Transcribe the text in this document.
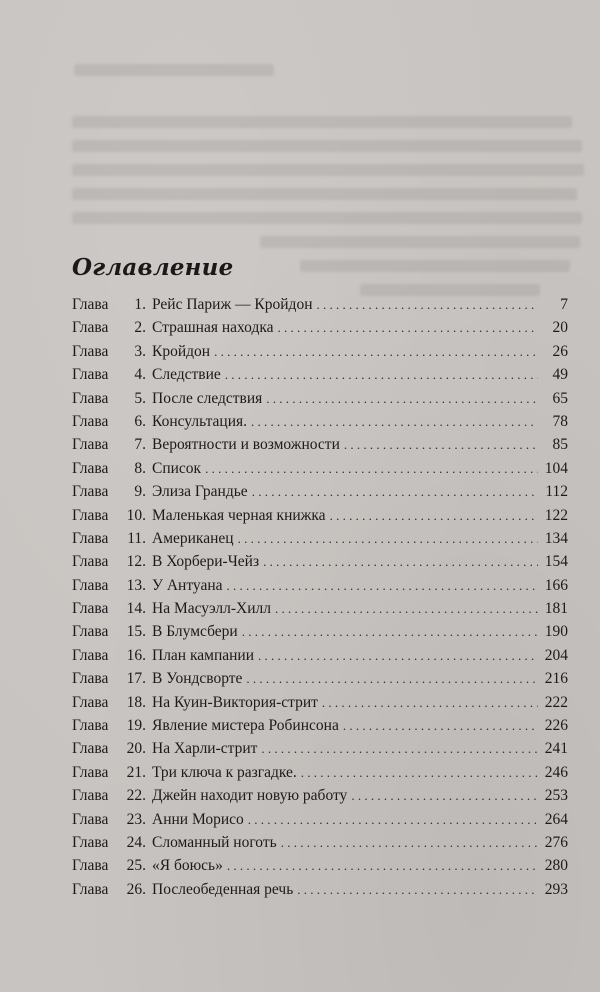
Оглавление
Глава	1. Рейс Париж — Кройдон . . .	7
Глава	2. Страшная находка . . .	20
Глава	3. Кройдон . . .	26
Глава	4. Следствие . . .	49
Глава	5. После следствия . . .	65
Глава	6. Консультация. . . .	78
Глава	7. Вероятности и возможности . . .	85
Глава	8. Список . . .	104
Глава	9. Элиза Грандье . . .	112
Глава	10. Маленькая черная книжка . . .	122
Глава	11. Американец . . .	134
Глава	12. В Хорбери-Чейз . . .	154
Глава	13. У Антуана . . .	166
Глава	14. На Масуэлл-Хилл . . .	181
Глава	15. В Блумсбери . . .	190
Глава	16. План кампании . . .	204
Глава	17. В Уондсворте . . .	216
Глава	18. На Куин-Виктория-стрит . . .	222
Глава	19. Явление мистера Робинсона . . .	226
Глава	20. На Харли-стрит . . .	241
Глава	21. Три ключа к разгадке. . . .	246
Глава	22. Джейн находит новую работу . . .	253
Глава	23. Анни Морисо . . .	264
Глава	24. Сломанный ноготь . . .	276
Глава	25. «Я боюсь» . . .	280
Глава	26. Послеобеденная речь . . .	293
